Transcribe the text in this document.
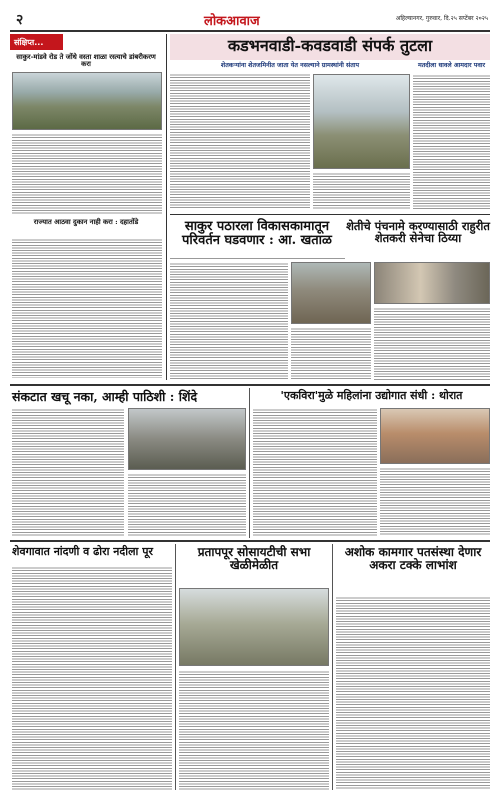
२	लोकआवाज	अहिल्यानगर, गुरुवार, दि.२५ सप्टेंबर २०२५
संक्षिप्त...
साकुर-मांडवे रोड ते जोंधे वस्ता शाळा रस्त्याचे डांबरीकरण करा
राज्यात आठवा दुकान नाही करा : दहातोंडे
कडभनवाडी-कवडवाडी संपर्क तुटला
शेतकऱ्यांना शेतजमिनीत जाता येत नसल्याने ग्रामस्थांनी संताप	मतदीला धावले आमदार पवार
साकुर पठारला विकासकामातून परिवर्तन घडवणार : आ. खताळ
शेतीचे पंचनामे करण्यासाठी राहुरीत शेतकरी सेनेचा ठिय्या
संकटात खचू नका, आम्ही पाठिशी : शिंदे	'एकविरा'मुळे महिलांना उद्योगात संधी : थोरात
शेवगावात नांदणी व ढोरा नदीला पूर	प्रतापपूर सोसायटीची सभा खेळीमेळीत
अशोक कामगार पतसंस्था देणार अकरा टक्के लाभांश
